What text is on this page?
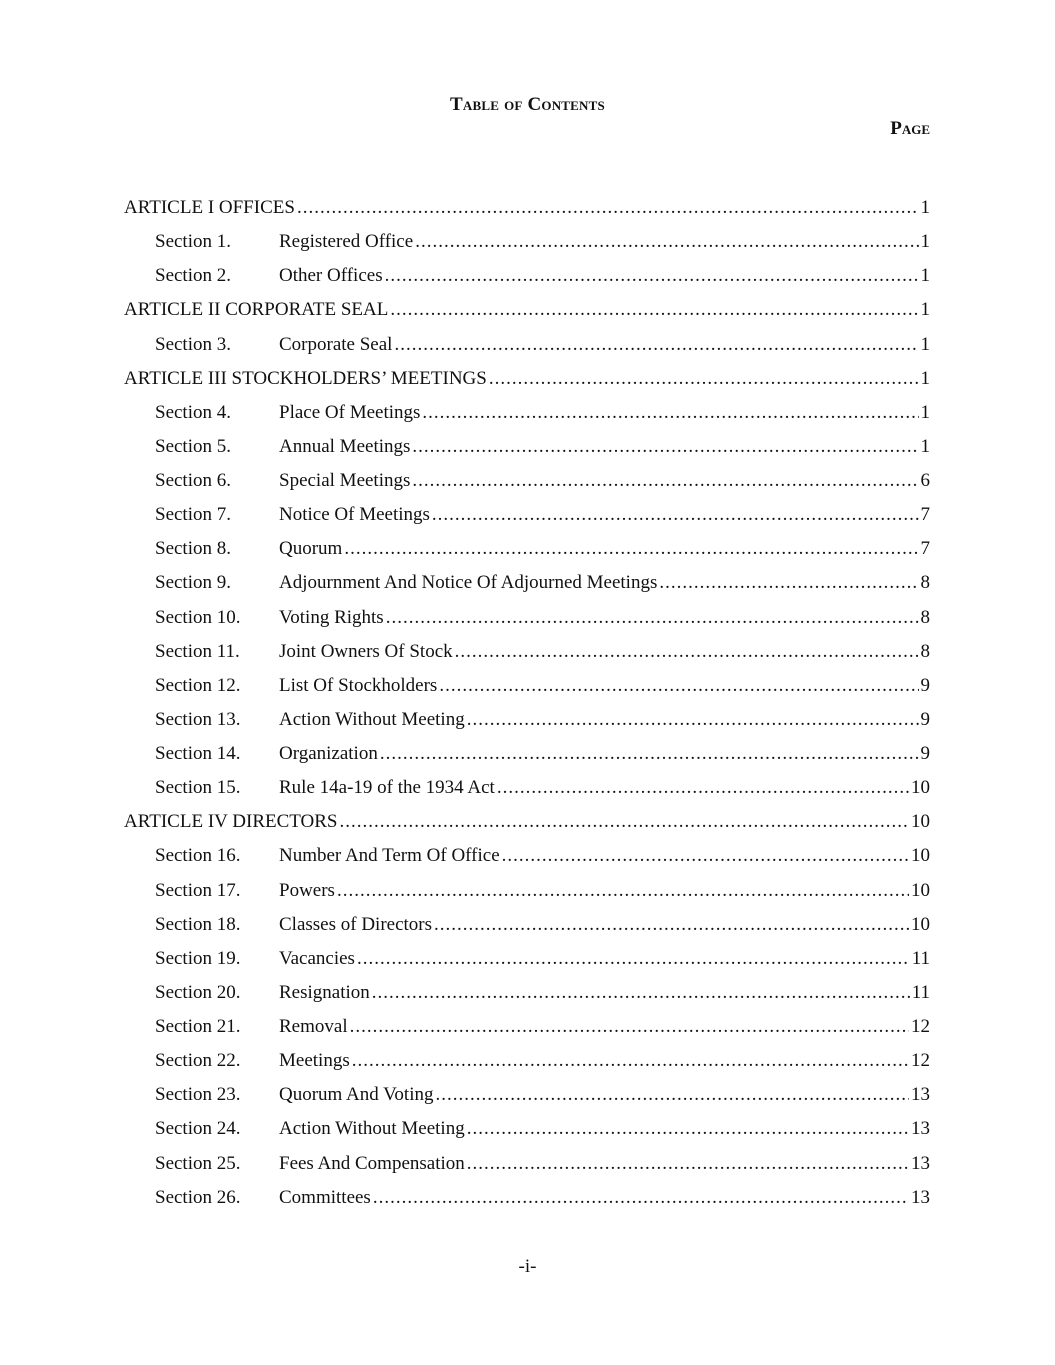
Table of Contents
Page
ARTICLE I OFFICES .....	1
Section 1.	Registered Office .....	1
Section 2.	Other Offices .....	1
ARTICLE II CORPORATE SEAL .....	1
Section 3.	Corporate Seal .....	1
ARTICLE III STOCKHOLDERS’ MEETINGS .....	1
Section 4.	Place Of Meetings .....	1
Section 5.	Annual Meetings .....	1
Section 6.	Special Meetings .....	6
Section 7.	Notice Of Meetings .....	7
Section 8.	Quorum .....	7
Section 9.	Adjournment And Notice Of Adjourned Meetings .....	8
Section 10.	Voting Rights .....	8
Section 11.	Joint Owners Of Stock .....	8
Section 12.	List Of Stockholders .....	9
Section 13.	Action Without Meeting .....	9
Section 14.	Organization .....	9
Section 15.	Rule 14a-19 of the 1934 Act .....	10
ARTICLE IV DIRECTORS .....	10
Section 16.	Number And Term Of Office .....	10
Section 17.	Powers .....	10
Section 18.	Classes of Directors .....	10
Section 19.	Vacancies .....	11
Section 20.	Resignation .....	11
Section 21.	Removal .....	12
Section 22.	Meetings .....	12
Section 23.	Quorum And Voting .....	13
Section 24.	Action Without Meeting .....	13
Section 25.	Fees And Compensation .....	13
Section 26.	Committees .....	13
-i-
